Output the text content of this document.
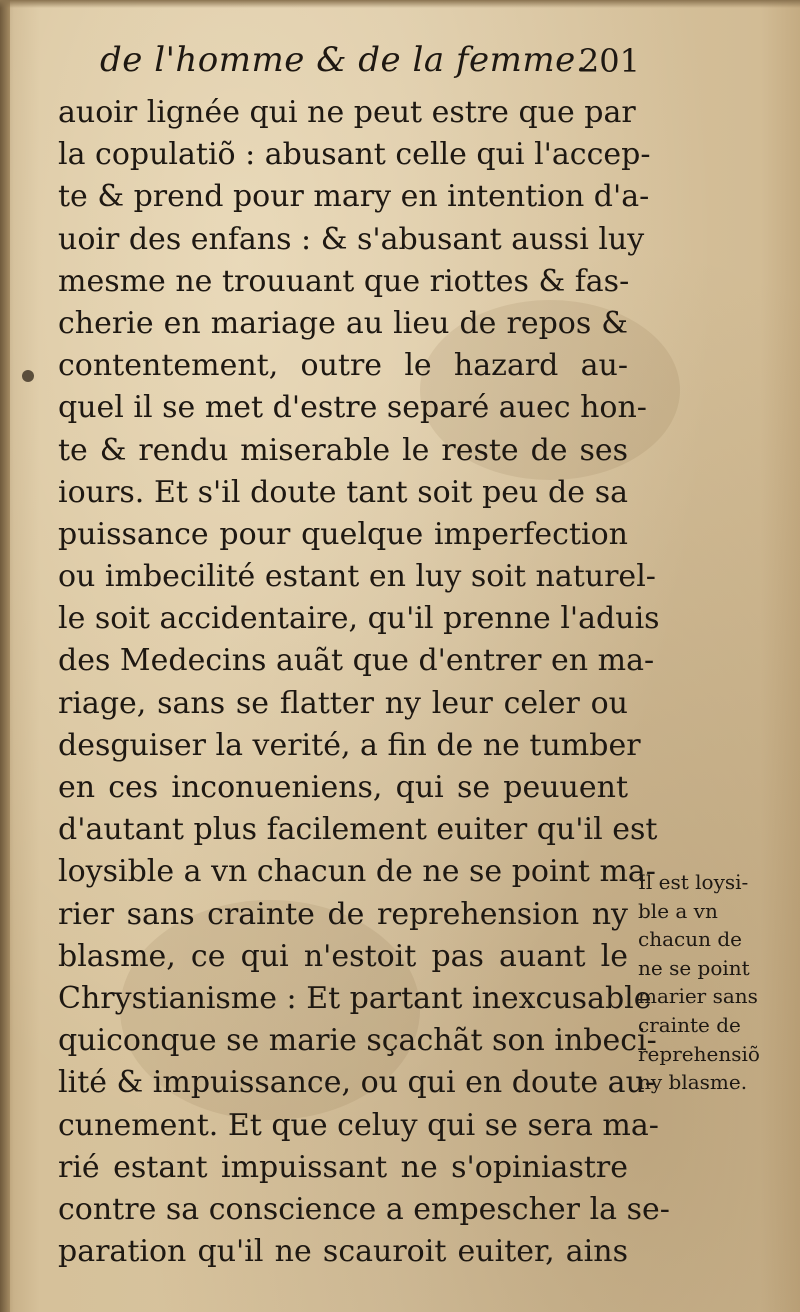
de l'homme & de la femme.
201
auoir lignée qui ne peut estre que par
la copulatiõ : abusant celle qui l'accep-
te & prend pour mary en intention d'a-
uoir des enfans : & s'abusant aussi luy
mesme ne trouuant que riottes & fas-
cherie en mariage au lieu de repos &
contentement, outre le hazard au-
quel il se met d'estre separé auec hon-
te & rendu miserable le reste de ses
iours. Et s'il doute tant soit peu de sa
puissance pour quelque imperfection
ou imbecilité estant en luy soit naturel-
le soit accidentaire, qu'il prenne l'aduis
des Medecins auãt que d'entrer en ma-
riage, sans se flatter ny leur celer ou
desguiser la verité, a fin de ne tumber
en ces inconueniens, qui se peuuent
d'autant plus facilement euiter qu'il est
loysible a vn chacun de ne se point ma-
rier sans crainte de reprehension ny
blasme, ce qui n'estoit pas auant le
Chrystianisme : Et partant inexcusable
quiconque se marie sçachãt son inbeci-
lité & impuissance, ou qui en doute au-
cunement. Et que celuy qui se sera ma-
rié estant impuissant ne s'opiniastre
contre sa conscience a empescher la se-
paration qu'il ne scauroit euiter, ains
Il est loysi-
ble a vn
chacun de
ne se point
marier sans
crainte de
reprehensiõ
ny blasme.
